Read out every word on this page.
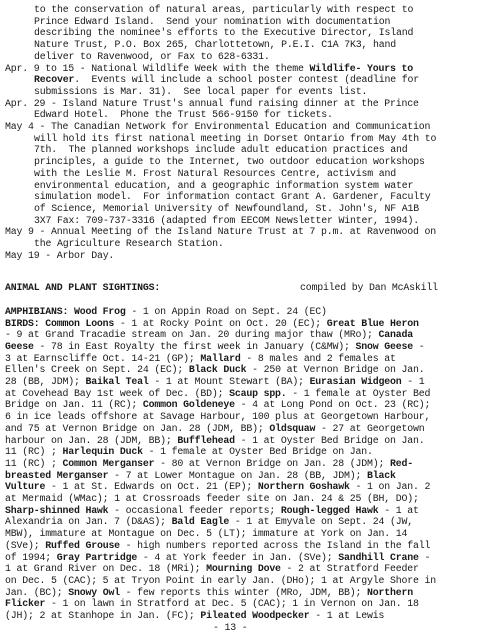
to the conservation of natural areas, particularly with respect to
Prince Edward Island.  Send your nomination with documentation
describing the nominee's efforts to the Executive Director, Island
Nature Trust, P.O. Box 265, Charlottetown, P.E.I. C1A 7K3, hand
deliver to Ravenwood, or Fax to 628-6331.
Apr. 9 to 15 - National Wildlife Week with the theme Wildlife- Yours to
Recover.  Events will include a school poster contest (deadline for
submissions is Mar. 31).  See local paper for events list.
Apr. 29 - Island Nature Trust's annual fund raising dinner at the Prince
Edward Hotel.  Phone the Trust 566-9150 for tickets.
May 4 - The Canadian Network for Environmental Education and Communication
will hold its first national meeting in Dorset Ontario from May 4th to
7th.  The planned workshops include adult education practices and
principles, a guide to the Internet, two outdoor education workshops
with the Leslie M. Frost Natural Resources Centre, activism and
environmental education, and a geographic information system water
simulation model.  For information contact Grant A. Gardener, Faculty
of Science, Memorial University of Newfoundland, St. John's, NF A1B
3X7 Fax: 709-737-3316 (adapted from EECOM Newsletter Winter, 1994).
May 9 - Annual Meeting of the Island Nature Trust at 7 p.m. at Ravenwood on
the Agriculture Research Station.
May 19 - Arbor Day.
ANIMAL AND PLANT SIGHTINGS:	compiled by Dan McAskill
AMPHIBIANS: Wood Frog - 1 on Appin Road on Sept. 24 (EC)
BIRDS: Common Loons - 1 at Rocky Point on Oct. 20 (EC); Great Blue Heron
- 9 at Grand Tracadie stream on Jan. 20 during major thaw (MRo); Canada
Geese - 78 in East Royalty the first week in January (C&MW); Snow Geese -
3 at Earnscliffe Oct. 14-21 (GP); Mallard - 8 males and 2 females at
Ellen's Creek on Sept. 24 (EC); Black Duck - 250 at Vernon Bridge on Jan.
28 (BB, JDM); Baikal Teal - 1 at Mount Stewart (BA); Eurasian Widgeon - 1
at Covehead Bay 1st week of Dec. (BD); Scaup spp. - 1 female at Oyster Bed
Bridge on Jan. 11 (RC); Common Goldeneye - 4 at Long Pond on Oct. 23 (RC);
6 in ice leads offshore at Savage Harbour, 100 plus at Georgetown Harbour,
and 75 at Vernon Bridge on Jan. 28 (JDM, BB); Oldsquaw - 27 at Georgetown
harbour on Jan. 28 (JDM, BB); Bufflehead - 1 at Oyster Bed Bridge on Jan.
11 (RC) ; Harlequin Duck - 1 female at Oyster Bed Bridge on Jan.
11 (RC) ; Common Merganser - 80 at Vernon Bridge on Jan. 28 (JDM); Red-
breasted Merganser - 7 at Lower Montague on Jan. 28 (BB, JDM); Black
Vulture - 1 at St. Edwards on Oct. 21 (EP); Northern Goshawk - 1 on Jan. 2
at Mermaid (WMac); 1 at Crossroads feeder site on Jan. 24 & 25 (BH, DO);
Sharp-shinned Hawk - occasional feeder reports; Rough-legged Hawk - 1 at
Alexandria on Jan. 7 (D&AS); Bald Eagle - 1 at Emyvale on Sept. 24 (JW,
MBW), immature at Montague on Dec. 5 (LT); immature at York on Jan. 14
(SVe); Ruffed Grouse - high numbers reported across the Island in the fall
of 1994; Gray Partridge - 4 at York feeder in Jan. (SVe); Sandhill Crane -
1 at Grand River on Dec. 18 (MRi); Mourning Dove - 2 at Stratford Feeder
on Dec. 5 (CAC); 5 at Tryon Point in early Jan. (DHo); 1 at Argyle Shore in
Jan. (BC); Snowy Owl - few reports this winter (MRo, JDM, BB); Northern
Flicker - 1 on lawn in Stratford at Dec. 5 (CAC); 1 in Vernon on Jan. 18
(JH); 2 at Stanhope in Jan. (FC); Pileated Woodpecker - 1 at Lewis
- 13 -
